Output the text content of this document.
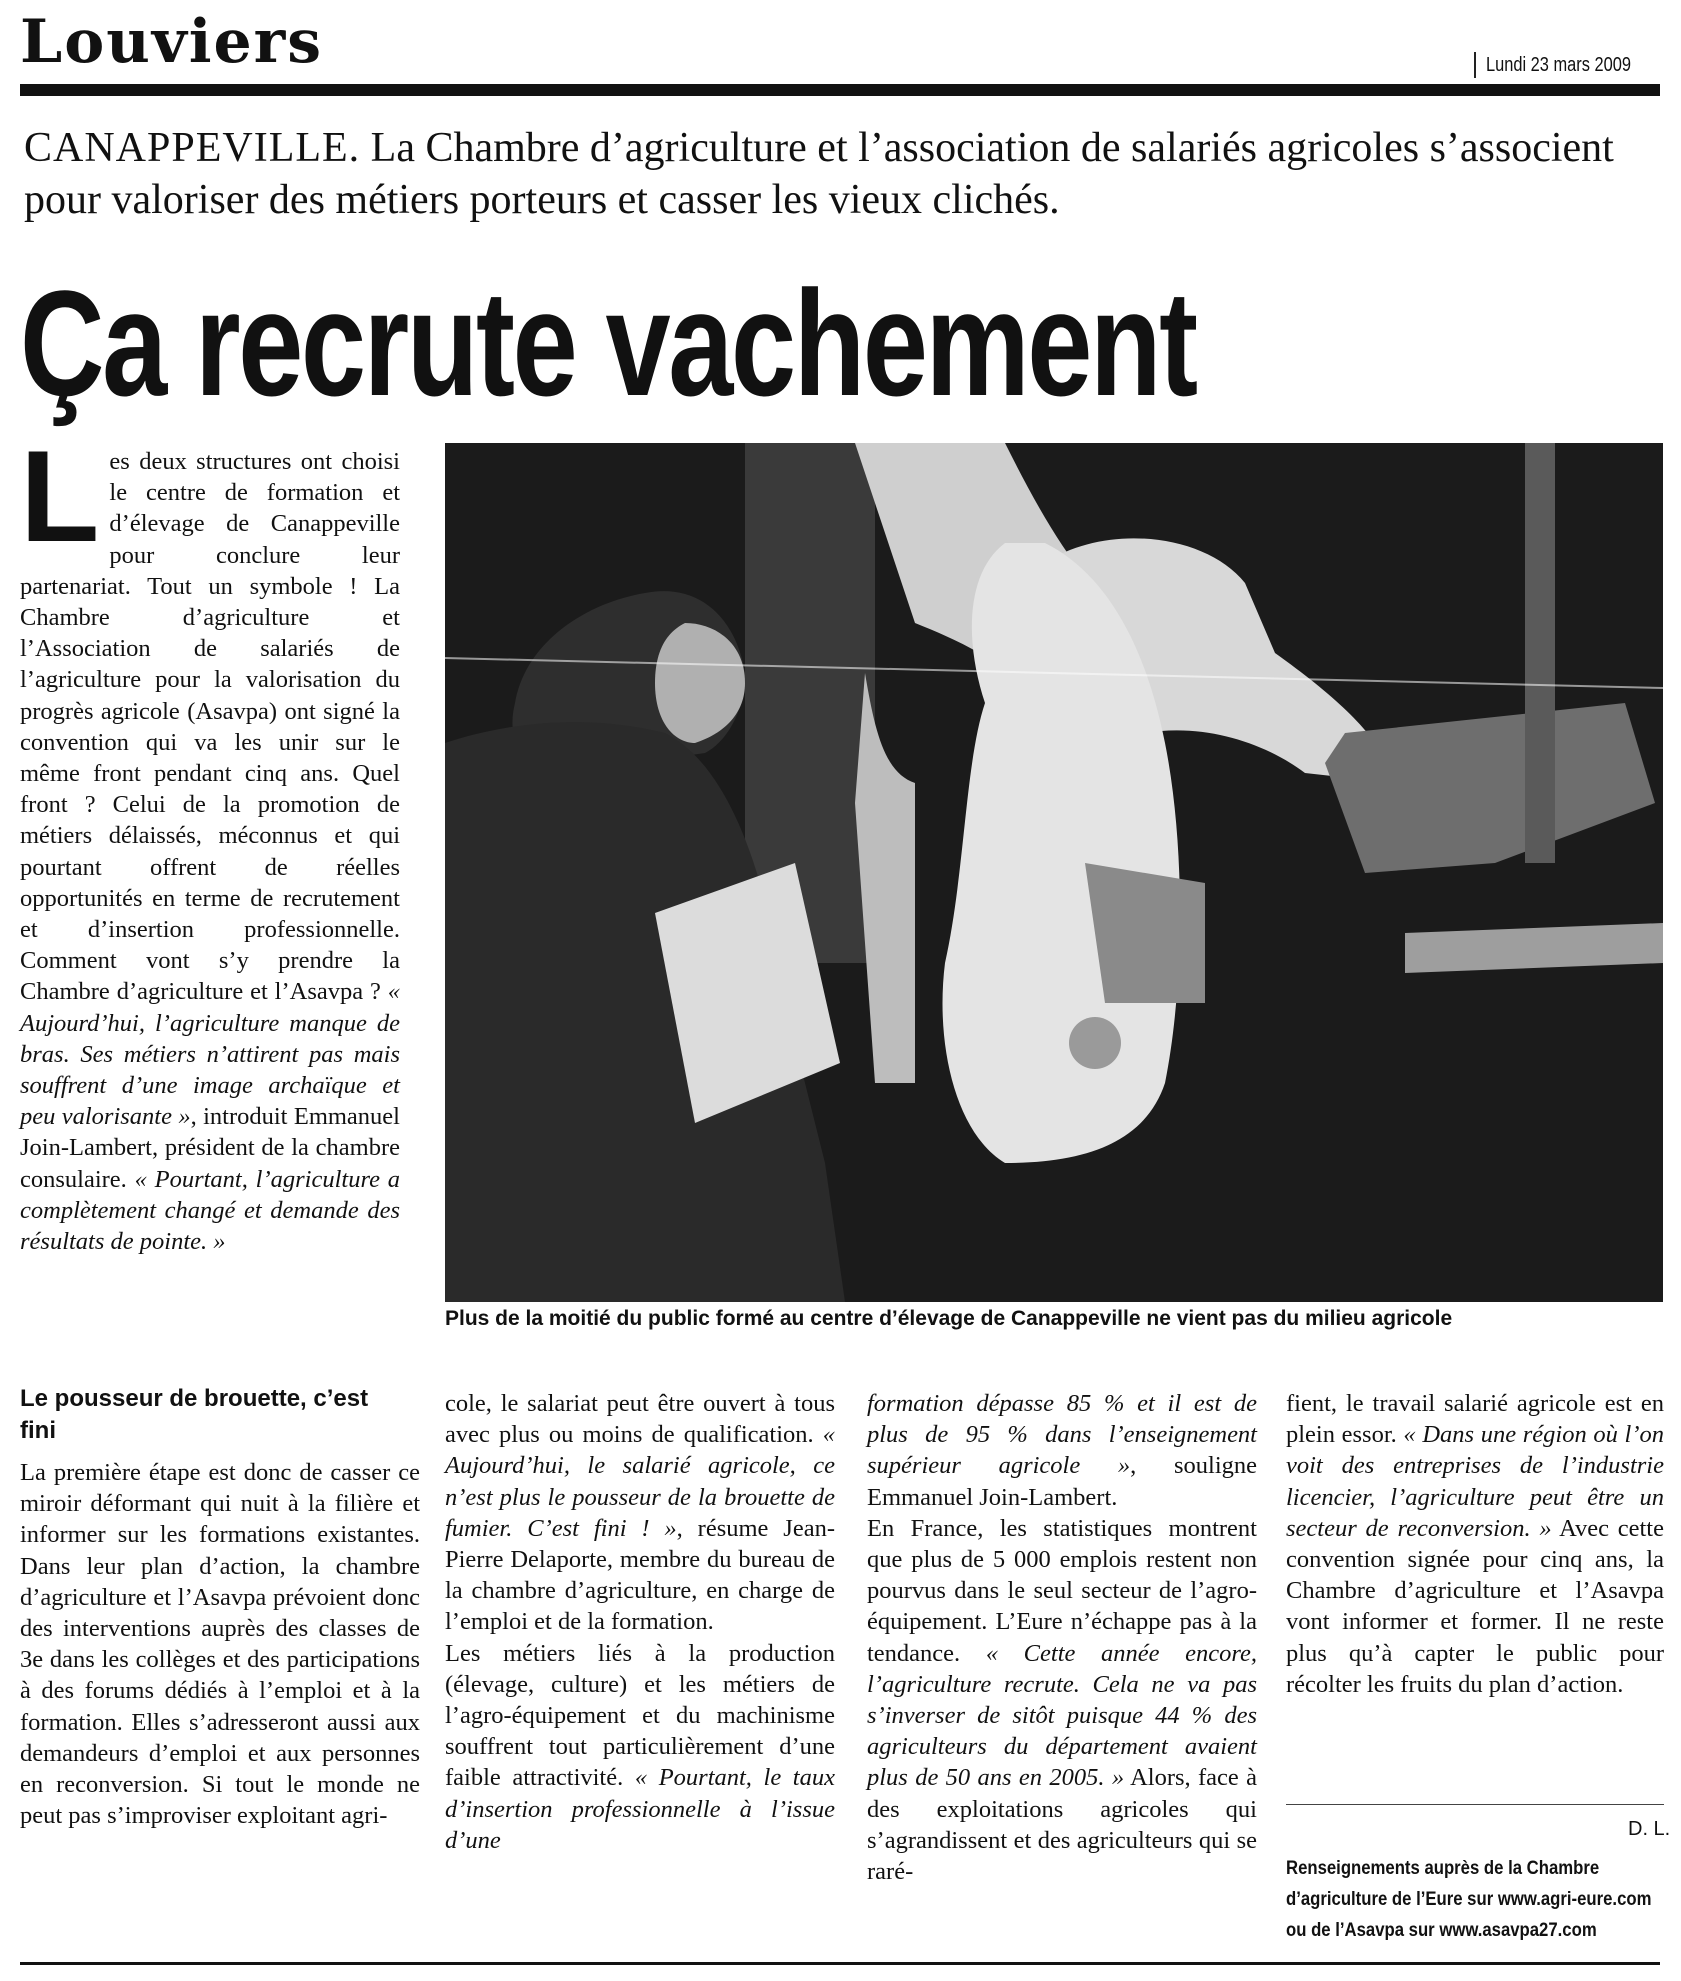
Louviers	Lundi 23 mars 2009
CANAPPEVILLE. La Chambre d’agriculture et l’association de salariés agricoles s’associent pour valoriser des métiers porteurs et casser les vieux clichés.
Ça recrute vachement
Les deux structures ont choisi le centre de formation et d’élevage de Canappeville pour conclure leur partenariat. Tout un symbole ! La Chambre d’agriculture et l’Association de salariés de l’agriculture pour la valorisation du progrès agricole (Asavpa) ont signé la convention qui va les unir sur le même front pendant cinq ans. Quel front ? Celui de la promotion de métiers délaissés, méconnus et qui pourtant offrent de réelles opportunités en terme de recrutement et d’insertion professionnelle. Comment vont s’y prendre la Chambre d’agriculture et l’Asavpa ? « Aujourd’hui, l’agriculture manque de bras. Ses métiers n’attirent pas mais souffrent d’une image archaïque et peu valorisante », introduit Emmanuel Join-Lambert, président de la chambre consulaire. « Pourtant, l’agriculture a complètement changé et demande des résultats de pointe. »
Plus de la moitié du public formé au centre d’élevage de Canappeville ne vient pas du milieu agricole
Le pousseur de brouette, c’est fini
La première étape est donc de casser ce miroir déformant qui nuit à la filière et informer sur les formations existantes. Dans leur plan d’action, la chambre d’agriculture et l’Asavpa prévoient donc des interventions auprès des classes de 3e dans les collèges et des participations à des forums dédiés à l’emploi et à la formation. Elles s’adresseront aussi aux demandeurs d’emploi et aux personnes en reconversion. Si tout le monde ne peut pas s’improviser exploitant agri-

cole, le salariat peut être ouvert à tous avec plus ou moins de qualification. « Aujourd’hui, le salarié agricole, ce n’est plus le pousseur de la brouette de fumier. C’est fini ! », résume Jean-Pierre Delaporte, membre du bureau de la chambre d’agriculture, en charge de l’emploi et de la formation.

Les métiers liés à la production (élevage, culture) et les métiers de l’agro-équipement et du machinisme souffrent tout particulièrement d’une faible attractivité. « Pourtant, le taux d’insertion professionnelle à l’issue d’une

formation dépasse 85 % et il est de plus de 95 % dans l’enseignement supérieur agricole », souligne Emmanuel Join-Lambert.

En France, les statistiques montrent que plus de 5 000 emplois restent non pourvus dans le seul secteur de l’agro-équipement. L’Eure n’échappe pas à la tendance. « Cette année encore, l’agriculture recrute. Cela ne va pas s’inverser de sitôt puisque 44 % des agriculteurs du département avaient plus de 50 ans en 2005. » Alors, face à des exploitations agricoles qui s’agrandissent et des agriculteurs qui se raré-

fient, le travail salarié agricole est en plein essor. « Dans une région où l’on voit des entreprises de l’industrie licencier, l’agriculture peut être un secteur de reconversion. » Avec cette convention signée pour cinq ans, la Chambre d’agriculture et l’Asavpa vont informer et former. Il ne reste plus qu’à capter le public pour récolter les fruits du plan d’action.

D. L.
Renseignements auprès de la Chambre
d’agriculture de l’Eure sur www.agri-eure.com
ou de l’Asavpa sur www.asavpa27.com
